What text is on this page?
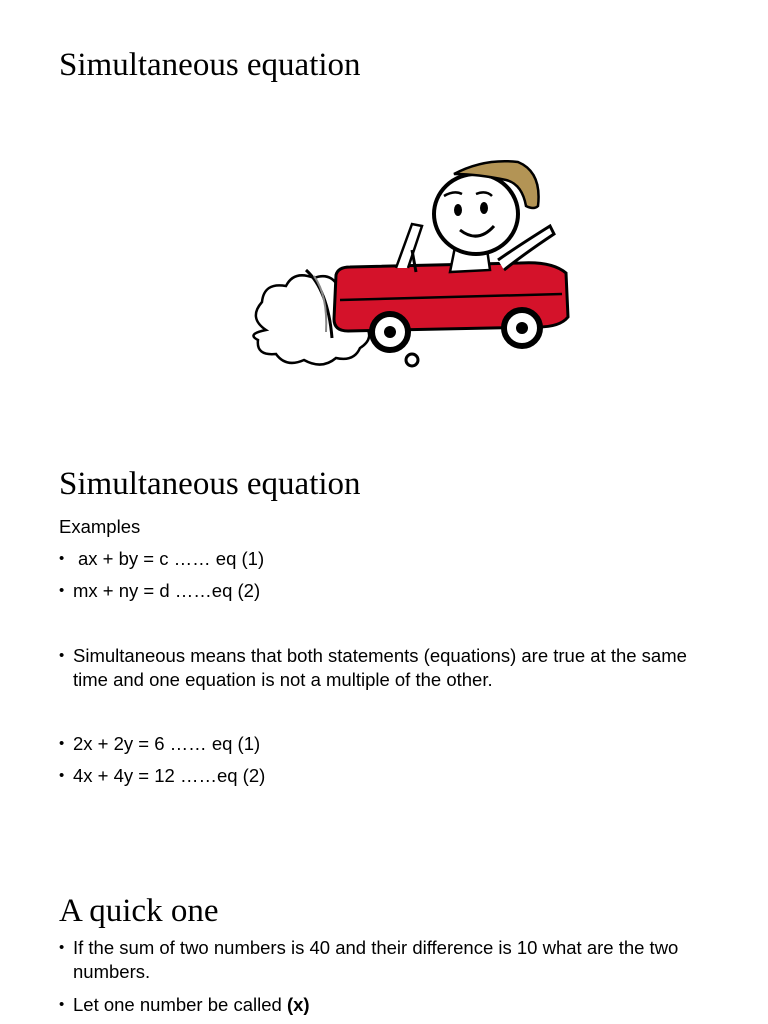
Simultaneous equation
Simultaneous equation

Examples

• ax + by = c …… eq (1)
• mx + ny = d ……eq (2)
• Simultaneous means that both statements (equations) are true at the same time and one equation is not a multiple of the other.
• 2x + 2y = 6 …… eq (1)
• 4x + 4y = 12 ……eq (2)
A quick one
• If the sum of two numbers is 40 and their difference is 10 what are the two numbers.
• Let one number be called (x)
